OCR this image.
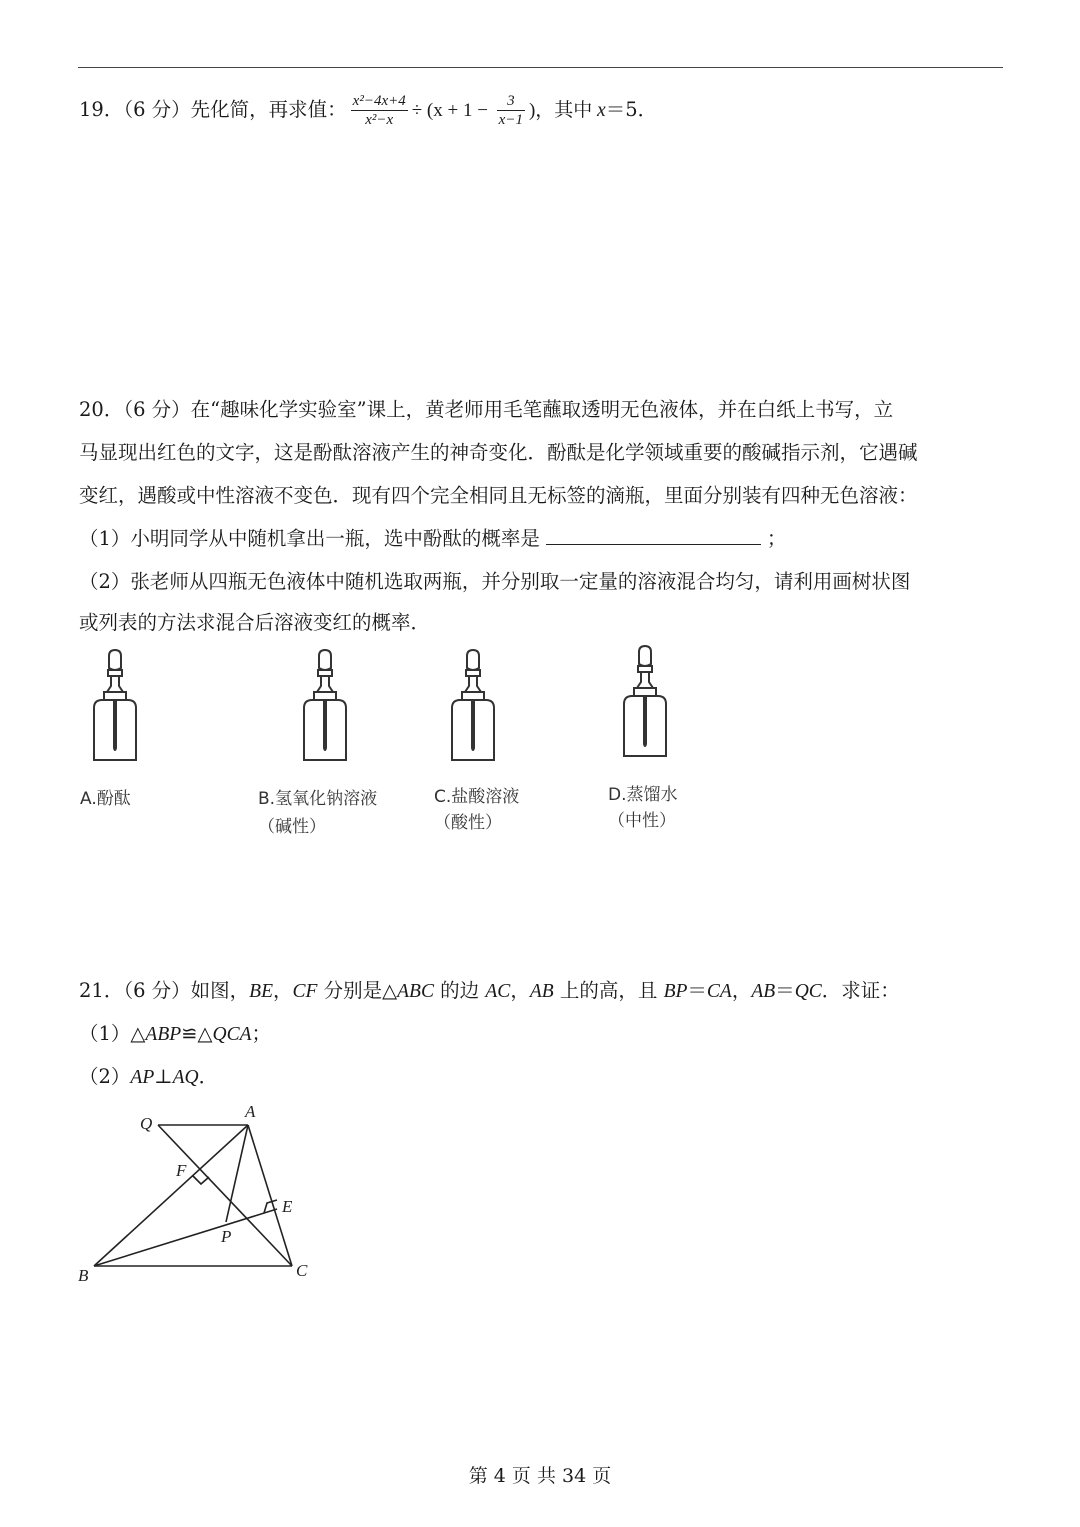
19．（6 分）先化简，再求值： $\frac{\text{x²−4x+4}}{\text{x²−x}} \div (x + 1 - \frac{3}{x-1}$ )，其中 x＝5．
20．（6 分）在“趣味化学实验室”课上，黄老师用毛笔蘸取透明无色液体，并在白纸上书写，立
马显现出红色的文字，这是酚酞溶液产生的神奇变化．酚酞是化学领域重要的酸碱指示剂，它遇碱
变红，遇酸或中性溶液不变色．现有四个完全相同且无标签的滴瓶，里面分别装有四种无色溶液：
（1）小明同学从中随机拿出一瓶，选中酚酞的概率是	；
（2）张老师从四瓶无色液体中随机选取两瓶，并分别取一定量的溶液混合均匀，请利用画树状图
或列表的方法求混合后溶液变红的概率．
A.酚酞	B.氢氧化钠溶液
（碱性）
C.盐酸溶液
（酸性）
D.蒸馏水
（中性）
21．（6 分）如图，BE，CF 分别是△ABC 的边 AC，AB 上的高，且 BP＝CA，AB＝QC．求证：
（1）△ABP≌△QCA；
（2）AP⊥AQ．
Q
A
F
E
P
B	C
第 4 页 共 34 页
